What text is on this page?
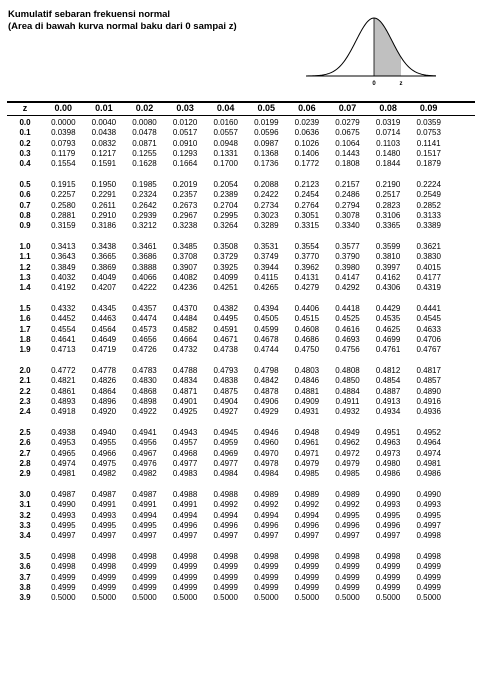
Kumulatif sebaran frekuensi normal
(Area di bawah kurva normal baku dari 0 sampai z)
0	z
z	0.00	0.01	0.02	0.03	0.04	0.05	0.06	0.07	0.08	0.09
0.0	0.0000	0.0040	0.0080	0.0120	0.0160	0.0199	0.0239	0.0279	0.0319	0.0359
0.1	0.0398	0.0438	0.0478	0.0517	0.0557	0.0596	0.0636	0.0675	0.0714	0.0753
0.2	0.0793	0.0832	0.0871	0.0910	0.0948	0.0987	0.1026	0.1064	0.1103	0.1141
0.3	0.1179	0.1217	0.1255	0.1293	0.1331	0.1368	0.1406	0.1443	0.1480	0.1517
0.4	0.1554	0.1591	0.1628	0.1664	0.1700	0.1736	0.1772	0.1808	0.1844	0.1879
0.5	0.1915	0.1950	0.1985	0.2019	0.2054	0.2088	0.2123	0.2157	0.2190	0.2224
0.6	0.2257	0.2291	0.2324	0.2357	0.2389	0.2422	0.2454	0.2486	0.2517	0.2549
0.7	0.2580	0.2611	0.2642	0.2673	0.2704	0.2734	0.2764	0.2794	0.2823	0.2852
0.8	0.2881	0.2910	0.2939	0.2967	0.2995	0.3023	0.3051	0.3078	0.3106	0.3133
0.9	0.3159	0.3186	0.3212	0.3238	0.3264	0.3289	0.3315	0.3340	0.3365	0.3389
1.0	0.3413	0.3438	0.3461	0.3485	0.3508	0.3531	0.3554	0.3577	0.3599	0.3621
1.1	0.3643	0.3665	0.3686	0.3708	0.3729	0.3749	0.3770	0.3790	0.3810	0.3830
1.2	0.3849	0.3869	0.3888	0.3907	0.3925	0.3944	0.3962	0.3980	0.3997	0.4015
1.3	0.4032	0.4049	0.4066	0.4082	0.4099	0.4115	0.4131	0.4147	0.4162	0.4177
1.4	0.4192	0.4207	0.4222	0.4236	0.4251	0.4265	0.4279	0.4292	0.4306	0.4319
1.5	0.4332	0.4345	0.4357	0.4370	0.4382	0.4394	0.4406	0.4418	0.4429	0.4441
1.6	0.4452	0.4463	0.4474	0.4484	0.4495	0.4505	0.4515	0.4525	0.4535	0.4545
1.7	0.4554	0.4564	0.4573	0.4582	0.4591	0.4599	0.4608	0.4616	0.4625	0.4633
1.8	0.4641	0.4649	0.4656	0.4664	0.4671	0.4678	0.4686	0.4693	0.4699	0.4706
1.9	0.4713	0.4719	0.4726	0.4732	0.4738	0.4744	0.4750	0.4756	0.4761	0.4767
2.0	0.4772	0.4778	0.4783	0.4788	0.4793	0.4798	0.4803	0.4808	0.4812	0.4817
2.1	0.4821	0.4826	0.4830	0.4834	0.4838	0.4842	0.4846	0.4850	0.4854	0.4857
2.2	0.4861	0.4864	0.4868	0.4871	0.4875	0.4878	0.4881	0.4884	0.4887	0.4890
2.3	0.4893	0.4896	0.4898	0.4901	0.4904	0.4906	0.4909	0.4911	0.4913	0.4916
2.4	0.4918	0.4920	0.4922	0.4925	0.4927	0.4929	0.4931	0.4932	0.4934	0.4936
2.5	0.4938	0.4940	0.4941	0.4943	0.4945	0.4946	0.4948	0.4949	0.4951	0.4952
2.6	0.4953	0.4955	0.4956	0.4957	0.4959	0.4960	0.4961	0.4962	0.4963	0.4964
2.7	0.4965	0.4966	0.4967	0.4968	0.4969	0.4970	0.4971	0.4972	0.4973	0.4974
2.8	0.4974	0.4975	0.4976	0.4977	0.4977	0.4978	0.4979	0.4979	0.4980	0.4981
2.9	0.4981	0.4982	0.4982	0.4983	0.4984	0.4984	0.4985	0.4985	0.4986	0.4986
3.0	0.4987	0.4987	0.4987	0.4988	0.4988	0.4989	0.4989	0.4989	0.4990	0.4990
3.1	0.4990	0.4991	0.4991	0.4991	0.4992	0.4992	0.4992	0.4992	0.4993	0.4993
3.2	0.4993	0.4993	0.4994	0.4994	0.4994	0.4994	0.4994	0.4995	0.4995	0.4995
3.3	0.4995	0.4995	0.4995	0.4996	0.4996	0.4996	0.4996	0.4996	0.4996	0.4997
3.4	0.4997	0.4997	0.4997	0.4997	0.4997	0.4997	0.4997	0.4997	0.4997	0.4998
3.5	0.4998	0.4998	0.4998	0.4998	0.4998	0.4998	0.4998	0.4998	0.4998	0.4998
3.6	0.4998	0.4998	0.4999	0.4999	0.4999	0.4999	0.4999	0.4999	0.4999	0.4999
3.7	0.4999	0.4999	0.4999	0.4999	0.4999	0.4999	0.4999	0.4999	0.4999	0.4999
3.8	0.4999	0.4999	0.4999	0.4999	0.4999	0.4999	0.4999	0.4999	0.4999	0.4999
3.9	0.5000	0.5000	0.5000	0.5000	0.5000	0.5000	0.5000	0.5000	0.5000	0.5000
